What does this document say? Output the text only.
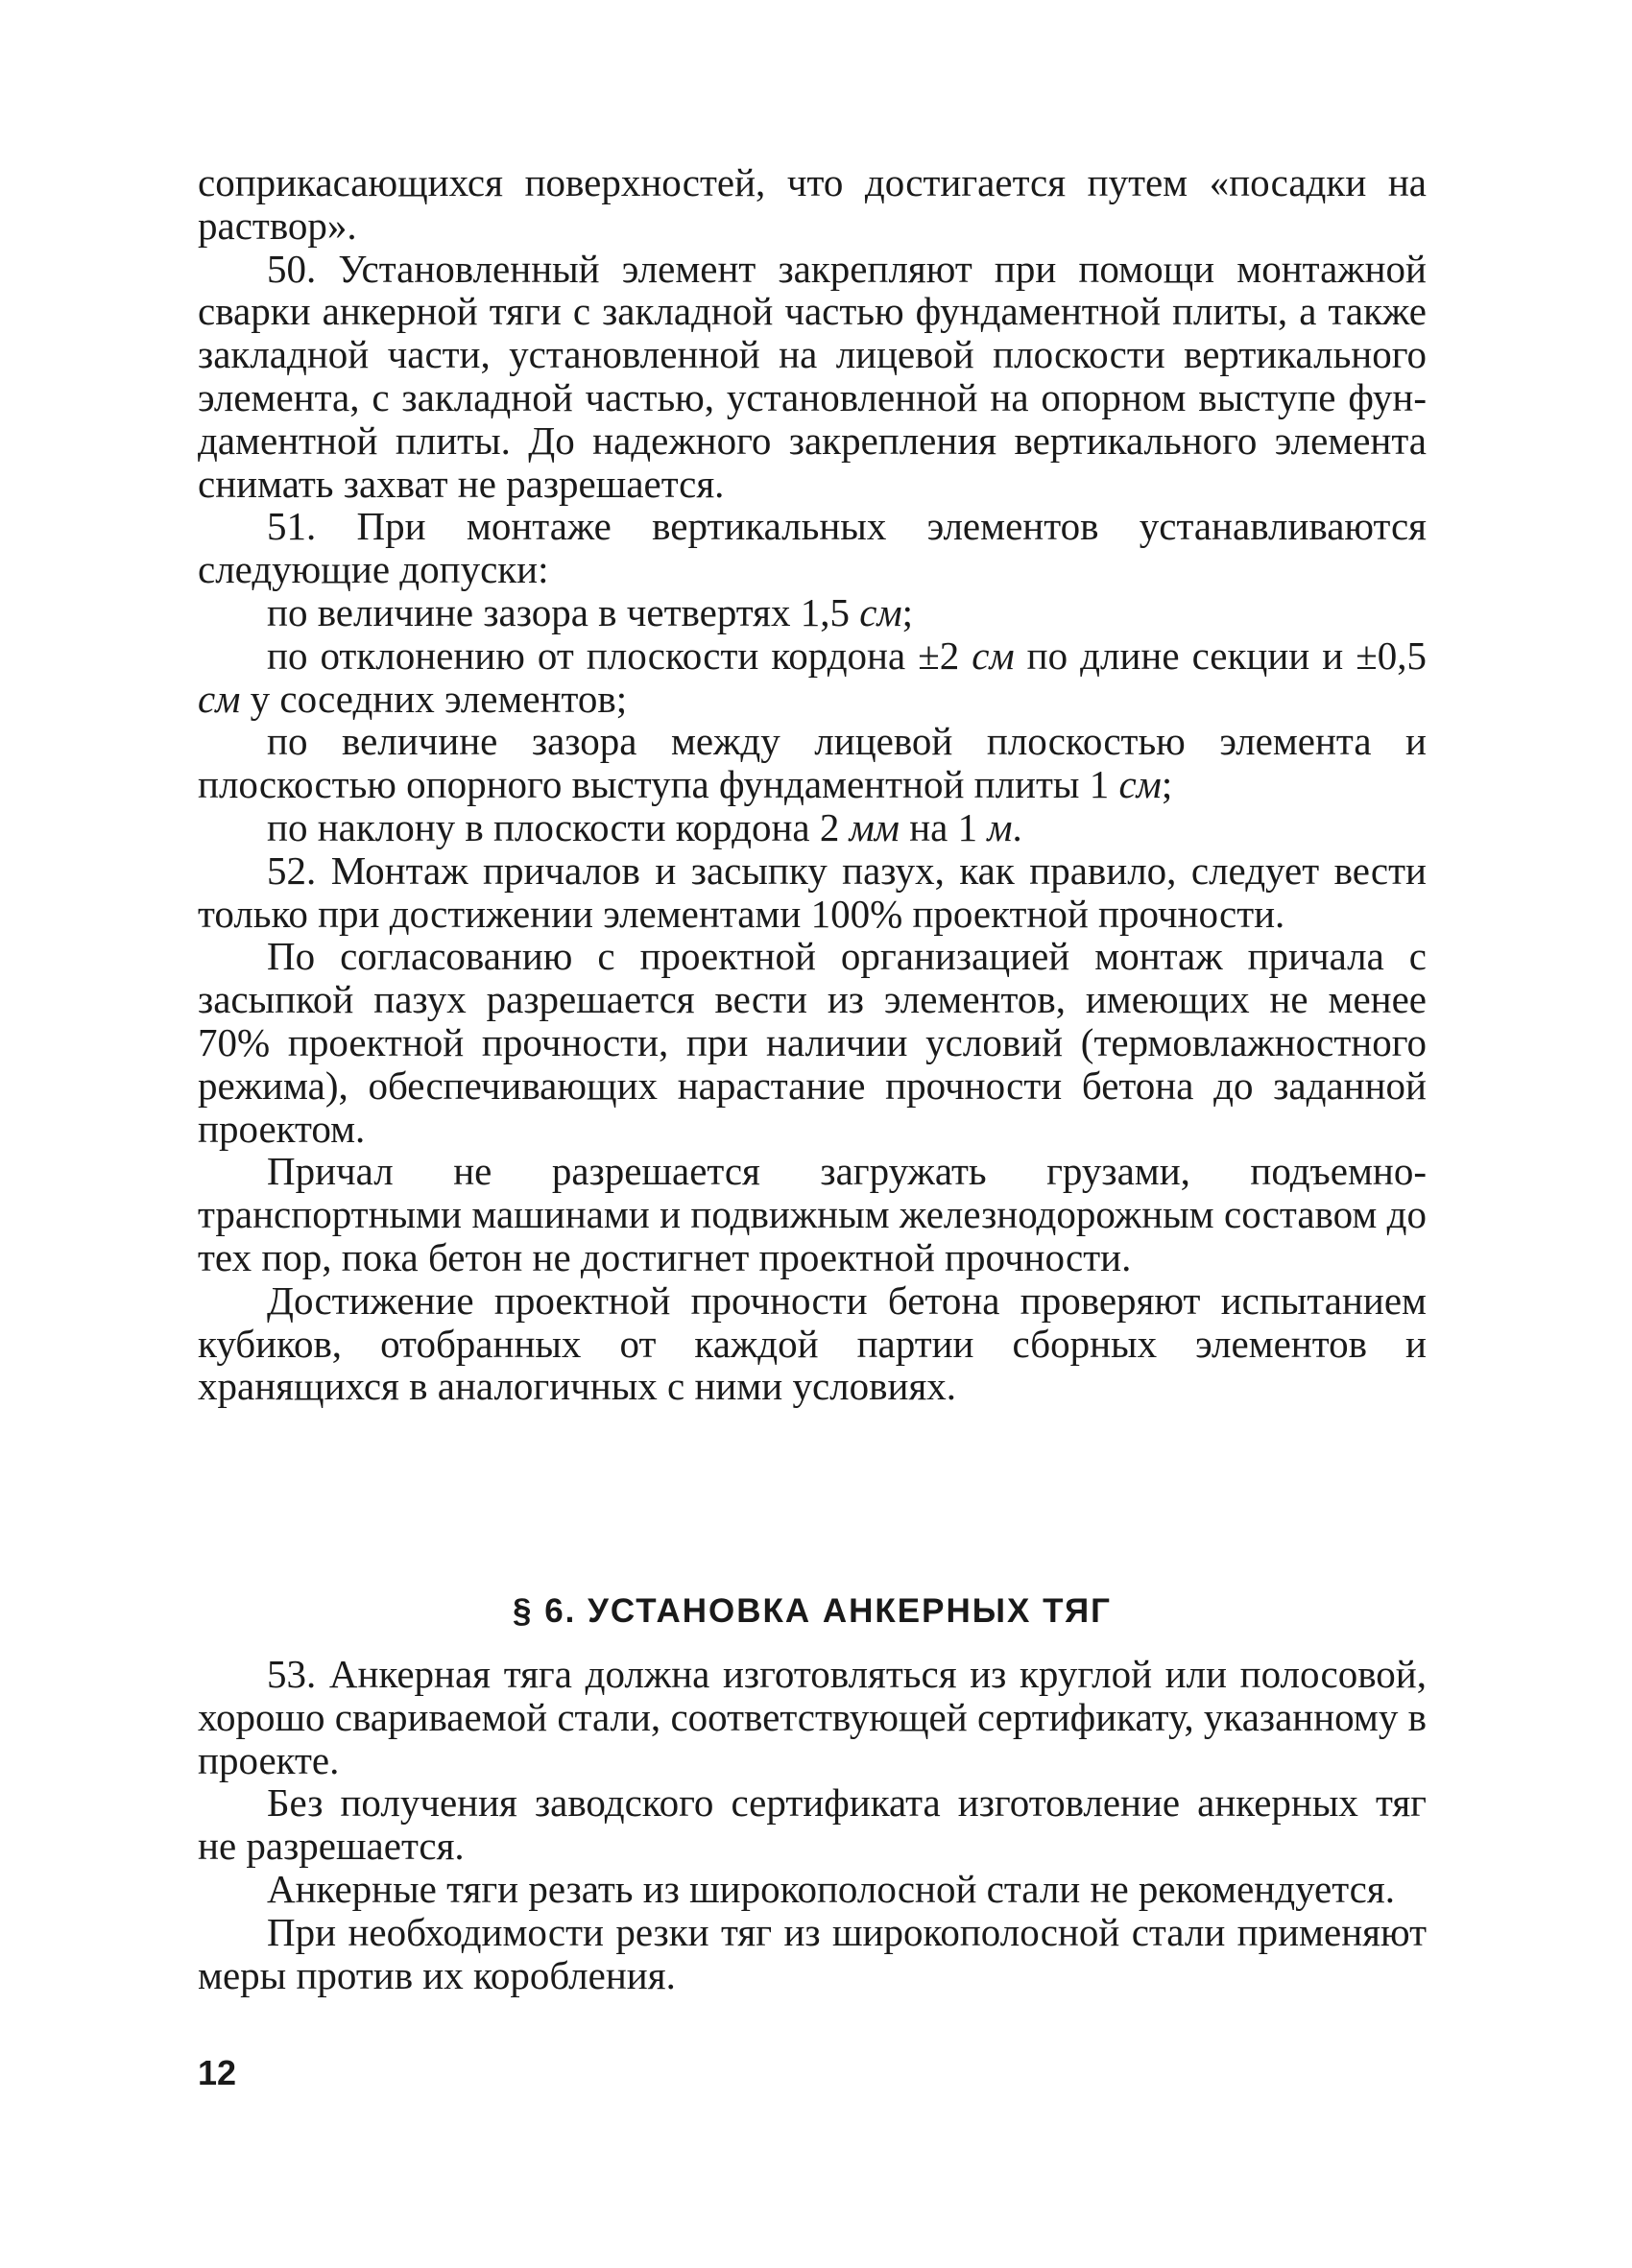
соприкасающихся поверхностей, что достигается путем «посадки на раствор».

50. Установленный элемент закрепляют при помощи монтажной сварки анкерной тяги с закладной частью фундаментной плиты, а также закладной части, установленной на лицевой плоскости вертикального элемента, с закладной частью, установленной на опорном выступе фундаментной плиты. До надежного закрепления вертикального элемента снимать захват не разрешается.

51. При монтаже вертикальных элементов устанавливаются следующие допуски:

по величине зазора в четвертях 1,5 см;

по отклонению от плоскости кордона ±2 см по длине секции и ±0,5 см у соседних элементов;

по величине зазора между лицевой плоскостью элемента и плоскостью опорного выступа фундаментной плиты 1 см;

по наклону в плоскости кордона 2 мм на 1 м.

52. Монтаж причалов и засыпку пазух, как правило, следует вести только при достижении элементами 100% проектной прочности.

По согласованию с проектной организацией монтаж причала с засыпкой пазух разрешается вести из элементов, имеющих не менее 70% проектной прочности, при наличии условий (термовлажностного режима), обеспечивающих нарастание прочности бетона до заданной проектом.

Причал не разрешается загружать грузами, подъемно-транспортными машинами и подвижным железнодорожным составом до тех пор, пока бетон не достигнет проектной прочности.

Достижение проектной прочности бетона проверяют испытанием кубиков, отобранных от каждой партии сборных элементов и хранящихся в аналогичных с ними условиях.

§ 6. УСТАНОВКА АНКЕРНЫХ ТЯГ

53. Анкерная тяга должна изготовляться из круглой или полосовой, хорошо свариваемой стали, соответствующей сертификату, указанному в проекте.

Без получения заводского сертификата изготовление анкерных тяг не разрешается.

Анкерные тяги резать из широкополосной стали не рекомендуется.

При необходимости резки тяг из широкополосной стали применяют меры против их коробления.

12
